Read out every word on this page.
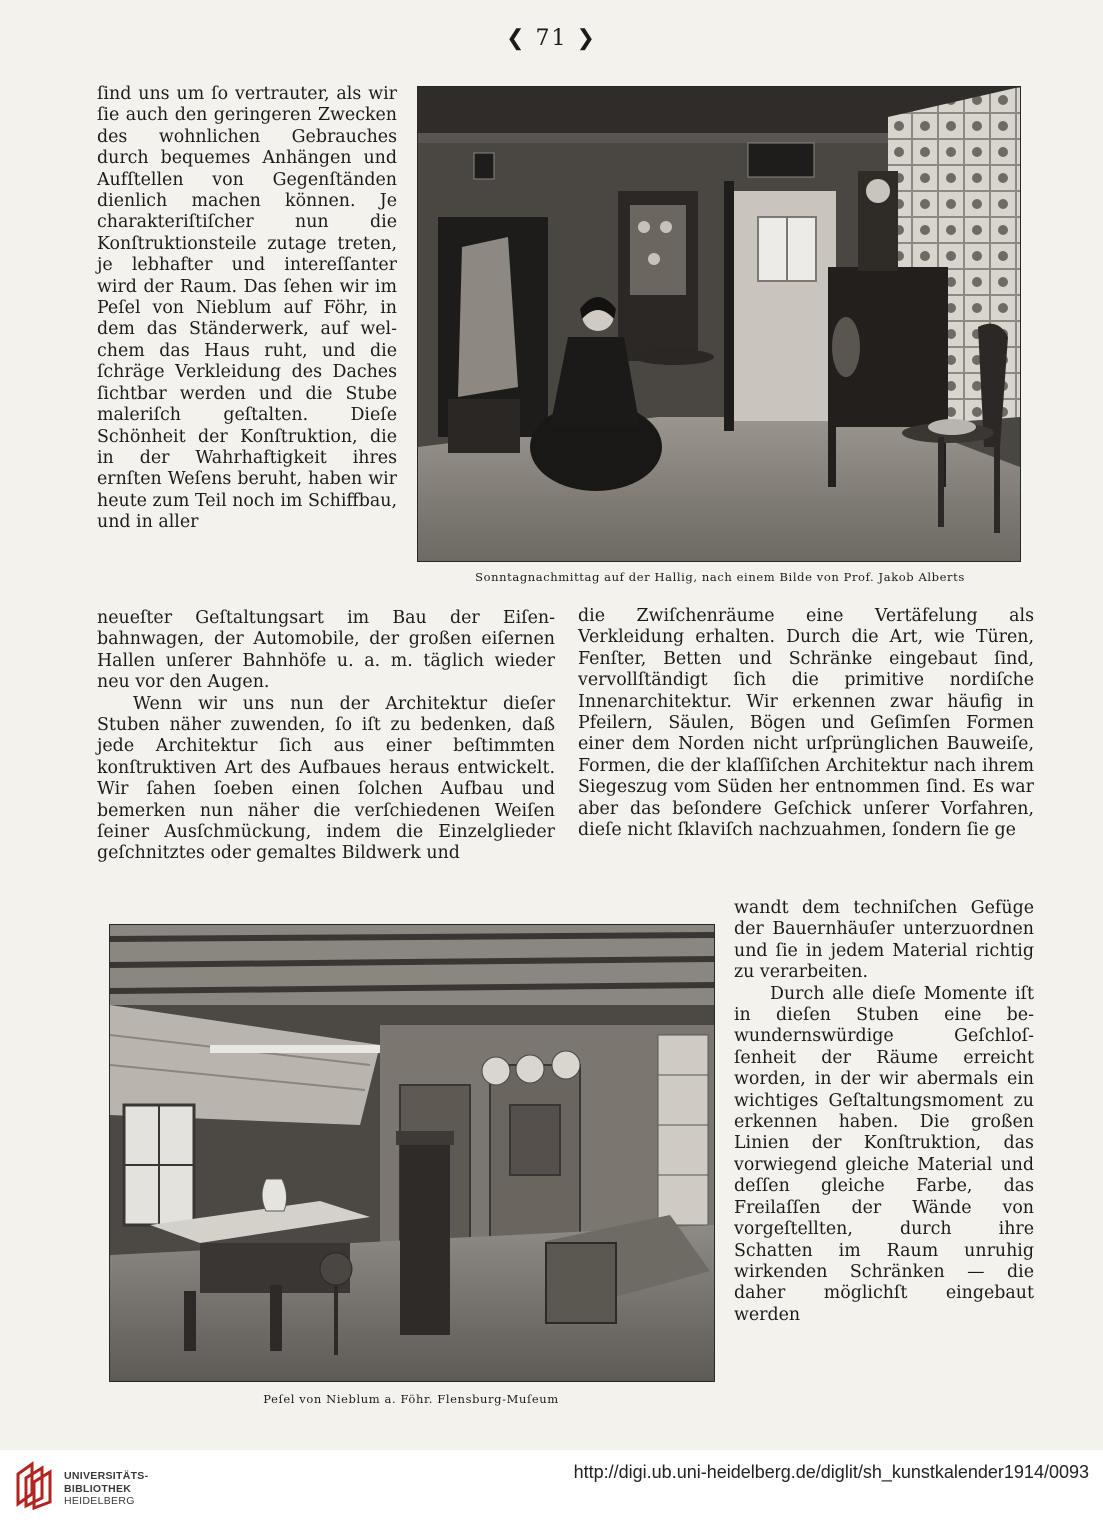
❮ 71 ❯

ſind uns um ſo vertrauter, als wir ſie auch den geringeren Zwecken des wohnlichen Gebrauches durch bequemes Anhängen und Aufſtellen von Gegenſtänden dienlich machen können. Je charakteriſtiſcher nun die Konſtruktionsteile zutage treten, je lebhafter und intereſſanter wird der Raum. Das ſehen wir im Peſel von Nieblum auf Föhr, in dem das Ständerwerk, auf welchem das Haus ruht, und die ſchräge Verkleidung des Daches ſichtbar werden und die Stube maleriſch geſtalten. Dieſe Schönheit der Konſtruktion, die in der Wahrhaftigkeit ihres ernſten Weſens beruht, haben wir heute zum Teil noch im Schiffbau, und in aller

Sonntagnachmittag auf der Hallig, nach einem Bilde von Prof. Jakob Alberts

neueſter Geſtaltungsart im Bau der Eiſenbahnwagen, der Automobile, der großen eiſernen Hallen unſerer Bahnhöfe u. a. m. täglich wieder neu vor den Augen.

Wenn wir uns nun der Architektur dieſer Stuben näher zuwenden, ſo iſt zu bedenken, daß jede Architektur ſich aus einer beſtimmten konſtruktiven Art des Aufbaues heraus entwickelt. Wir ſahen ſoeben einen ſolchen Aufbau und bemerken nun näher die verſchiedenen Weiſen ſeiner Ausſchmückung, indem die Einzelglieder geſchnitztes oder gemaltes Bildwerk und

die Zwiſchenräume eine Vertäfelung als Verkleidung erhalten. Durch die Art, wie Türen, Fenſter, Betten und Schränke eingebaut ſind, vervollſtändigt ſich die primitive nordiſche Innenarchitektur. Wir erkennen zwar häufig in Pfeilern, Säulen, Bögen und Geſimſen Formen einer dem Norden nicht urſprünglichen Bauweiſe, Formen, die der klaſſiſchen Architektur nach ihrem Siegeszug vom Süden her entnommen ſind. Es war aber das beſondere Geſchick unſerer Vorfahren, dieſe nicht ſklaviſch nachzuahmen, ſondern ſie ge

Peſel von Nieblum a. Föhr. Flensburg-Muſeum

wandt dem techniſchen Gefüge der Bauernhäuſer unterzuordnen und ſie in jedem Material richtig zu verarbeiten.

Durch alle dieſe Momente iſt in dieſen Stuben eine bewundernswürdige Geſchloſſenheit der Räume erreicht worden, in der wir abermals ein wichtiges Geſtaltungsmoment zu erkennen haben. Die großen Linien der Konſtruktion, das vorwiegend gleiche Material und deſſen gleiche Farbe, das Freilaſſen der Wände von vorgeſtellten, durch ihre Schatten im Raum unruhig wirkenden Schränken — die daher möglichſt eingebaut werden

UNIVERSITÄTS-
BIBLIOTHEK
HEIDELBERG
http://digi.ub.uni-heidelberg.de/diglit/sh_kunstkalender1914/0093
